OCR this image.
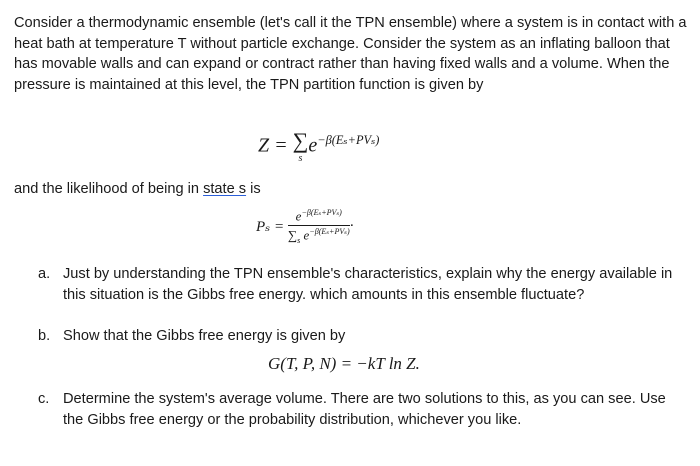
Consider a thermodynamic ensemble (let's call it the TPN ensemble) where a system is in contact with a heat bath at temperature T without particle exchange. Consider the system as an inflating balloon that has movable walls and can expand or contract rather than having fixed walls and a volume. When the pressure is maintained at this level, the TPN partition function is given by
Z = ∑
s
$e^{-\beta(E_s+PV_s)}$
and the likelihood of being in state s is
$P_s = \frac{e^{-\beta(E_s+PV_s)}}{\sum_s e^{-\beta(E_s+PV_s)}}$ ·
a. Just by understanding the TPN ensemble's characteristics, explain why the energy available in this situation is the Gibbs free energy. which amounts in this ensemble fluctuate?
b. Show that the Gibbs free energy is given by
G(T, P, N) = −kT ln Z.
c. Determine the system's average volume. There are two solutions to this, as you can see. Use the Gibbs free energy or the probability distribution, whichever you like.
